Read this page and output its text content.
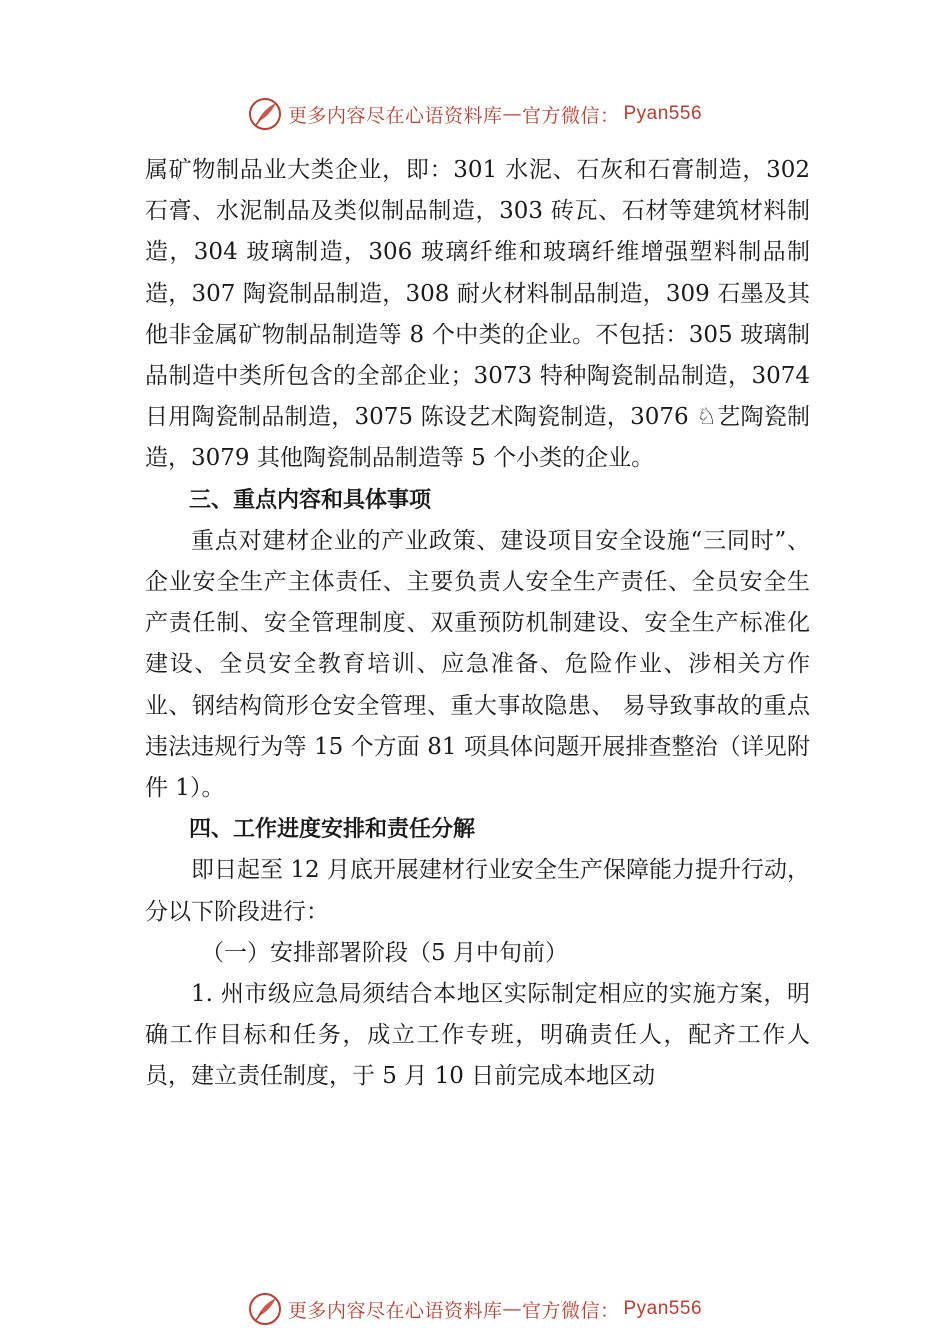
更多内容尽在心语资料库 — 官方微信： Pyan556

属矿物制品业大类企业，即：301 水泥、石灰和石膏制造，302 石膏、水泥制品及类似制品制造，303 砖瓦、石材等建筑材料制造，304 玻璃制造，306 玻璃纤维和玻璃纤维增强塑料制品制造，307 陶瓷制品制造，308 耐火材料制品制造，309 石墨及其他非金属矿物制品制造等 8 个中类的企业。不包括：305 玻璃制品制造中类所包含的全部企业；3073 特种陶瓷制品制造，3074 日用陶瓷制品制造，3075 陈设艺术陶瓷制造，3076 ♘艺陶瓷制造，3079 其他陶瓷制品制造等 5 个小类的企业。

三、重点内容和具体事项

重点对建材企业的产业政策、建设项目安全设施“三同时”、企业安全生产主体责任、主要负责人安全生产责任、全员安全生产责任制、安全管理制度、双重预防机制建设、安全生产标准化建设、全员安全教育培训、应急准备、危险作业、涉相关方作业、钢结构筒形仓安全管理、重大事故隐患、 易导致事故的重点违法违规行为等 15 个方面 81 项具体问题开展排查整治（详见附件 1）。

四、工作进度安排和责任分解

即日起至 12 月底开展建材行业安全生产保障能力提升行动，分以下阶段进行：

（一）安排部署阶段（5 月中旬前）

1. 州市级应急局须结合本地区实际制定相应的实施方案，明确工作目标和任务，成立工作专班，明确责任人，配齐工作人员，建立责任制度，于 5 月 10 日前完成本地区动

更多内容尽在心语资料库 — 官方微信： Pyan556
